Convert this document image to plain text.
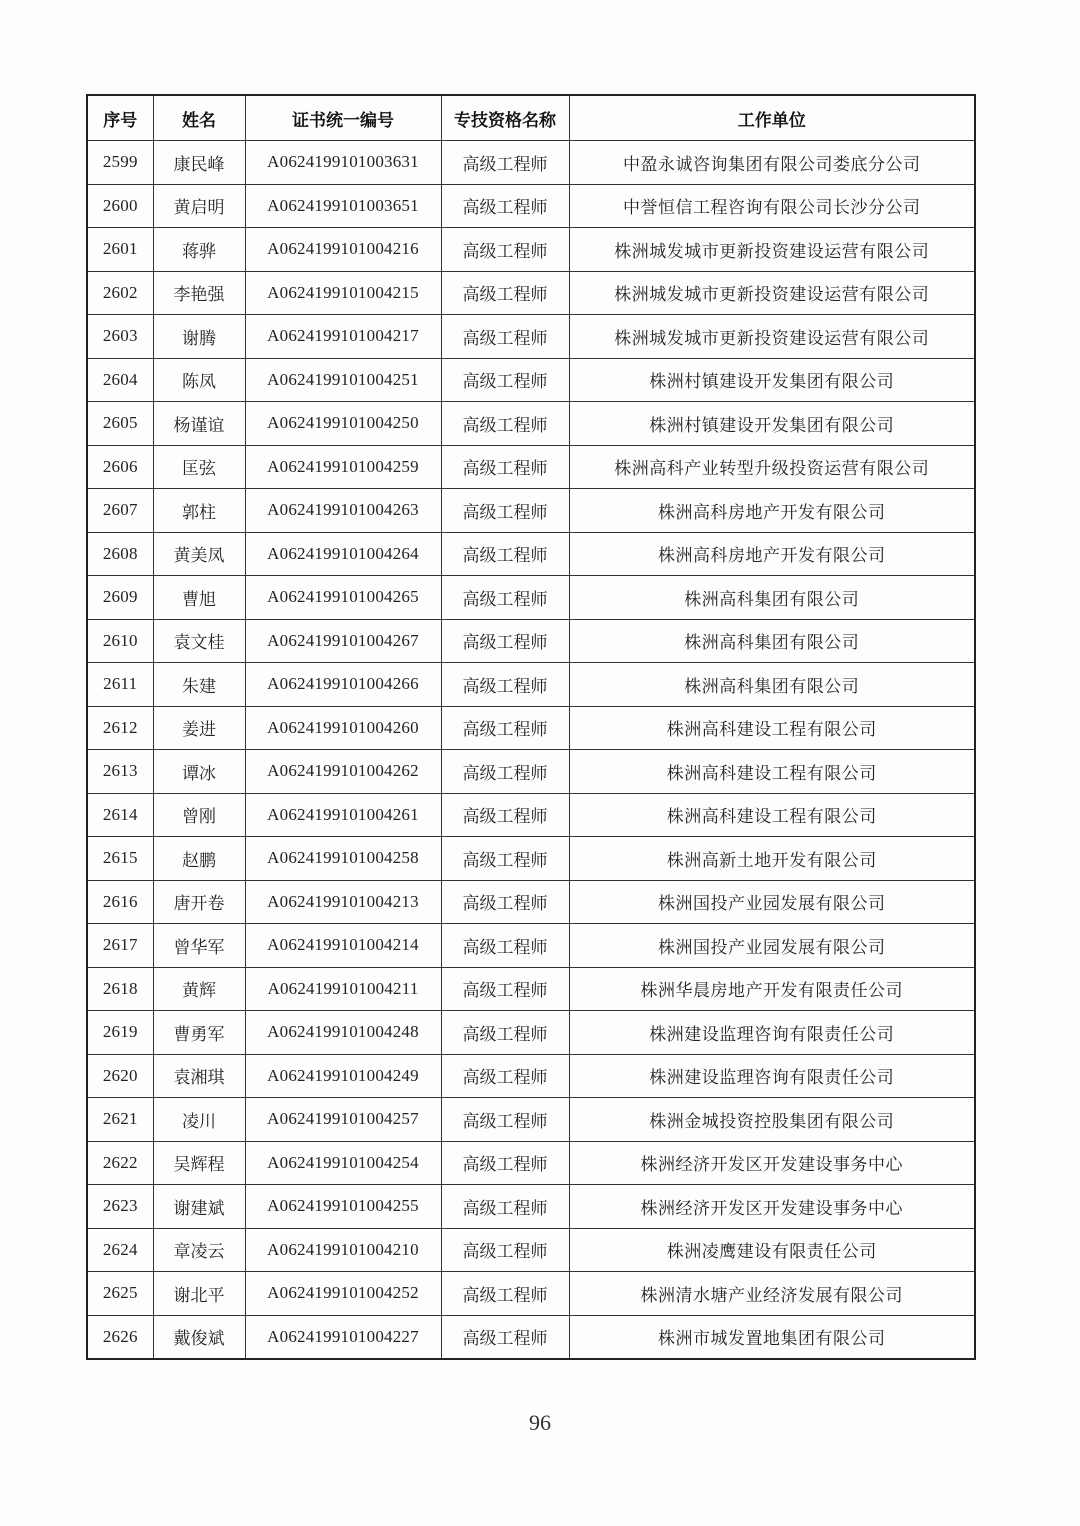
序号	姓名	证书统一编号	专技资格名称	工作单位
2599	康民峰	A0624199101003631	高级工程师	中盈永诚咨询集团有限公司娄底分公司
2600	黄启明	A0624199101003651	高级工程师	中誉恒信工程咨询有限公司长沙分公司
2601	蒋骅	A0624199101004216	高级工程师	株洲城发城市更新投资建设运营有限公司
2602	李艳强	A0624199101004215	高级工程师	株洲城发城市更新投资建设运营有限公司
2603	谢腾	A0624199101004217	高级工程师	株洲城发城市更新投资建设运营有限公司
2604	陈凤	A0624199101004251	高级工程师	株洲村镇建设开发集团有限公司
2605	杨谨谊	A0624199101004250	高级工程师	株洲村镇建设开发集团有限公司
2606	匡弦	A0624199101004259	高级工程师	株洲高科产业转型升级投资运营有限公司
2607	郭柱	A0624199101004263	高级工程师	株洲高科房地产开发有限公司
2608	黄美凤	A0624199101004264	高级工程师	株洲高科房地产开发有限公司
2609	曹旭	A0624199101004265	高级工程师	株洲高科集团有限公司
2610	袁文桂	A0624199101004267	高级工程师	株洲高科集团有限公司
2611	朱建	A0624199101004266	高级工程师	株洲高科集团有限公司
2612	姜进	A0624199101004260	高级工程师	株洲高科建设工程有限公司
2613	谭冰	A0624199101004262	高级工程师	株洲高科建设工程有限公司
2614	曾刚	A0624199101004261	高级工程师	株洲高科建设工程有限公司
2615	赵鹏	A0624199101004258	高级工程师	株洲高新土地开发有限公司
2616	唐开卷	A0624199101004213	高级工程师	株洲国投产业园发展有限公司
2617	曾华军	A0624199101004214	高级工程师	株洲国投产业园发展有限公司
2618	黄辉	A0624199101004211	高级工程师	株洲华晨房地产开发有限责任公司
2619	曹勇军	A0624199101004248	高级工程师	株洲建设监理咨询有限责任公司
2620	袁湘琪	A0624199101004249	高级工程师	株洲建设监理咨询有限责任公司
2621	凌川	A0624199101004257	高级工程师	株洲金城投资控股集团有限公司
2622	吴辉程	A0624199101004254	高级工程师	株洲经济开发区开发建设事务中心
2623	谢建斌	A0624199101004255	高级工程师	株洲经济开发区开发建设事务中心
2624	章凌云	A0624199101004210	高级工程师	株洲凌鹰建设有限责任公司
2625	谢北平	A0624199101004252	高级工程师	株洲清水塘产业经济发展有限公司
2626	戴俊斌	A0624199101004227	高级工程师	株洲市城发置地集团有限公司
96
